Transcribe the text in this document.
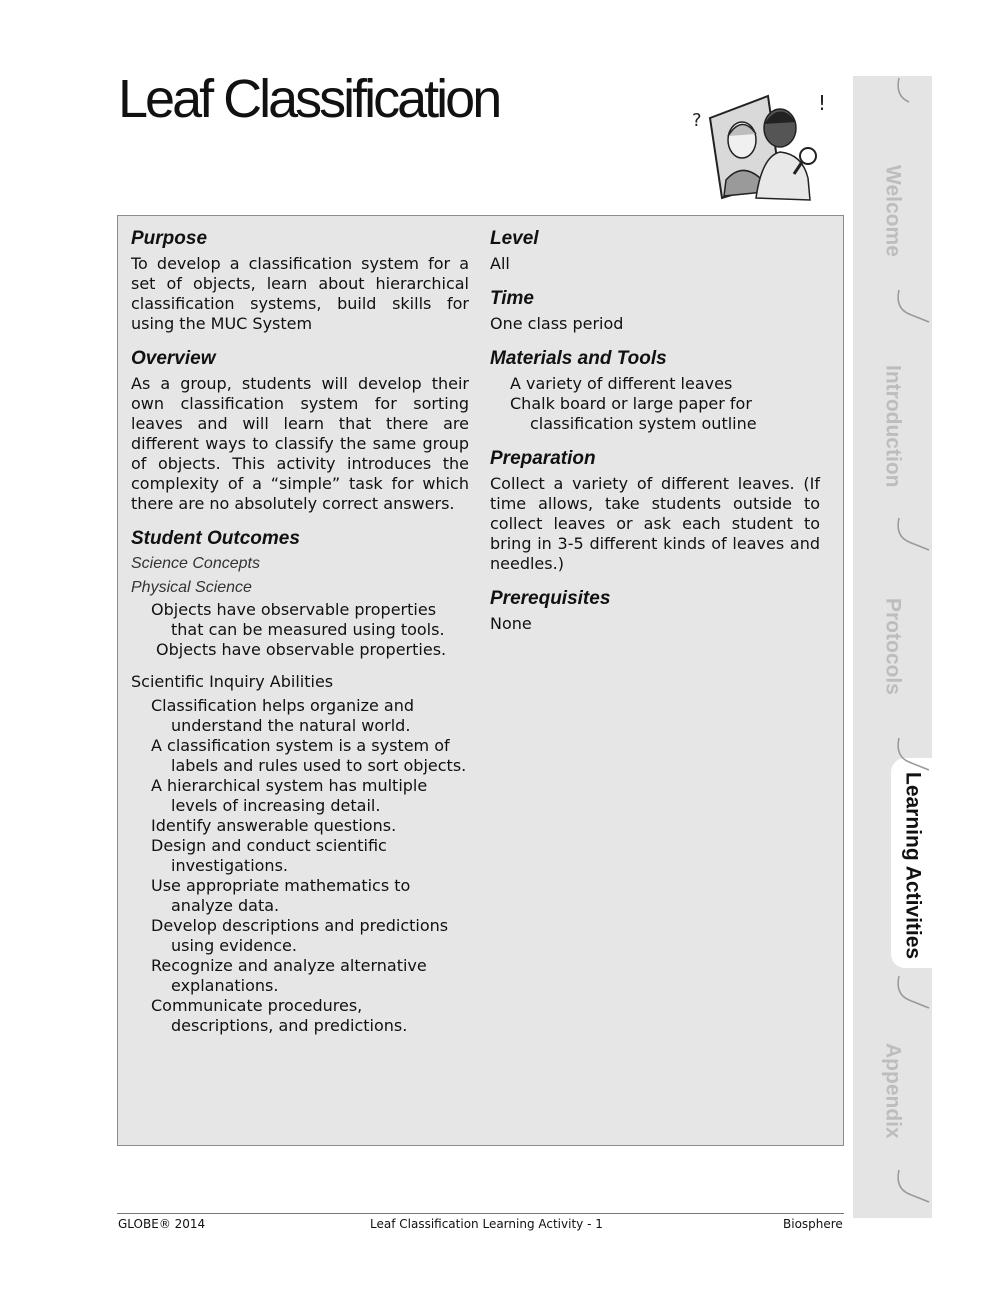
Leaf Classification	?
!
Purpose

To develop a classification system for a set of objects, learn about hierarchical classification systems, build skills for using the MUC System

Overview

As a group, students will develop their own classification system for sorting leaves and will learn that there are different ways to classify the same group of objects. This activity introduces the complexity of a “simple” task for which there are no absolutely correct answers.

Student Outcomes

Science Concepts

Physical Science

Objects have observable properties that can be measured using tools.

Objects have observable properties.

Scientific Inquiry Abilities

Classification helps organize and understand the natural world.

A classification system is a system of labels and rules used to sort objects.

A hierarchical system has multiple levels of increasing detail.

Identify answerable questions.

Design and conduct scientific investigations.

Use appropriate mathematics to analyze data.

Develop descriptions and predictions using evidence.

Recognize and analyze alternative explanations.

Communicate procedures, descriptions, and predictions.

Level

All

Time

One class period

Materials and Tools

A variety of different leaves

Chalk board or large paper for classification system outline

Preparation

Collect a variety of different leaves. (If time allows, take students outside to collect leaves or ask each student to bring in 3-5 different kinds of leaves and needles.)

Prerequisites

None

Welcome
Introduction
Protocols
Learning Activities
Appendix
GLOBE® 2014	Leaf Classification Learning Activity - 1	Biosphere
